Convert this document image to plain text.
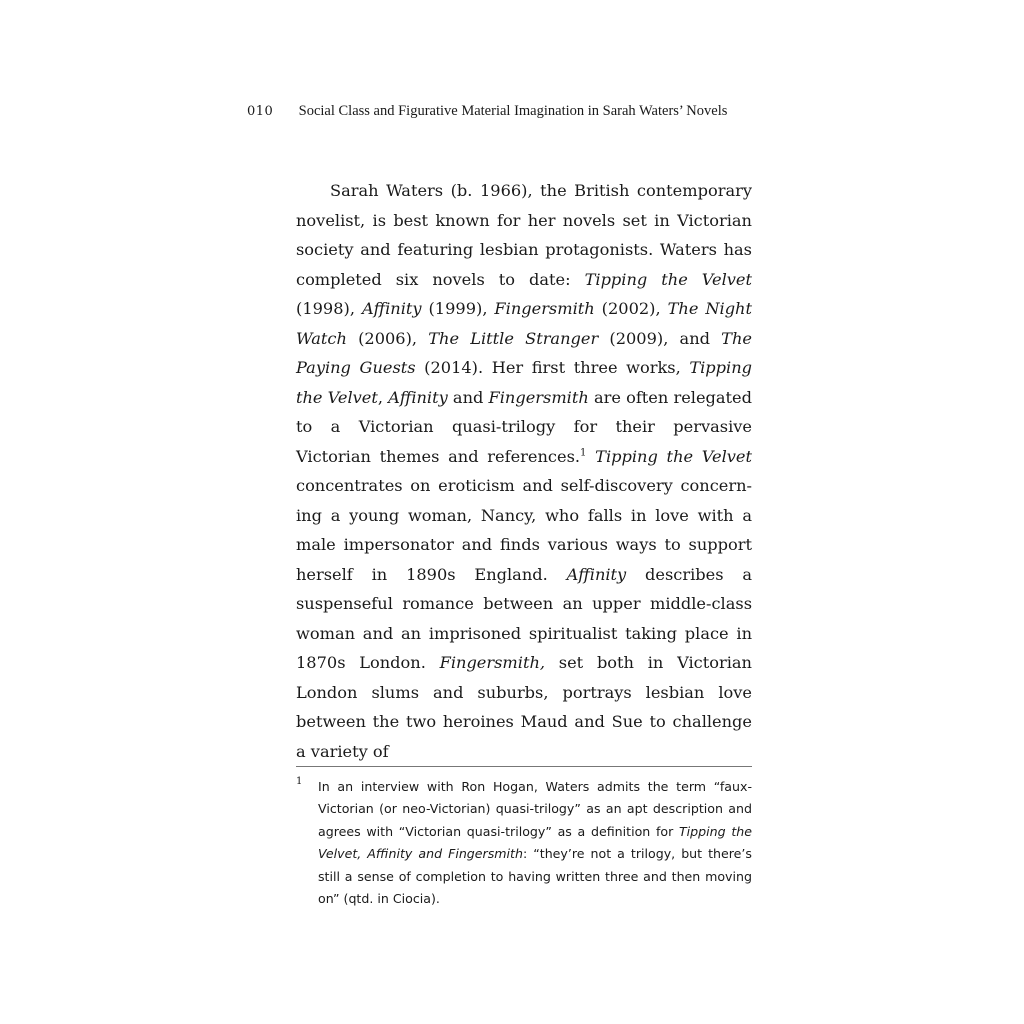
010 Social Class and Figurative Material Imagination in Sarah Waters’ Novels

Sarah Waters (b. 1966), the British contemporary novelist, is best known for her novels set in Victorian society and featuring lesbian protagonists. Waters has completed six novels to date: Tipping the Velvet (1998), Affinity (1999), Fingersmith (2002), The Night Watch (2006), The Little Stranger (2009), and The Paying Guests (2014). Her first three works, Tipping the Velvet, Affinity and Fingersmith are often relegated to a Victorian quasi-trilogy for their pervasive Victorian themes and references.$^1$ Tipping the Velvet concentrates on eroticism and self-discovery concerning a young woman, Nancy, who falls in love with a male impersonator and finds various ways to support herself in 1890s England. Affinity describes a suspenseful romance between an upper middle-class woman and an imprisoned spiritualist taking place in 1870s London. Fingersmith, set both in Victorian London slums and suburbs, portrays lesbian love between the two heroines Maud and Sue to challenge a variety of

1 In an interview with Ron Hogan, Waters admits the term “faux-Victorian (or neo-Victorian) quasi-trilogy” as an apt description and agrees with “Victorian quasi-trilogy” as a definition for Tipping the Velvet, Affinity and Fingersmith: “they’re not a trilogy, but there’s still a sense of completion to having written three and then moving on” (qtd. in Ciocia).
